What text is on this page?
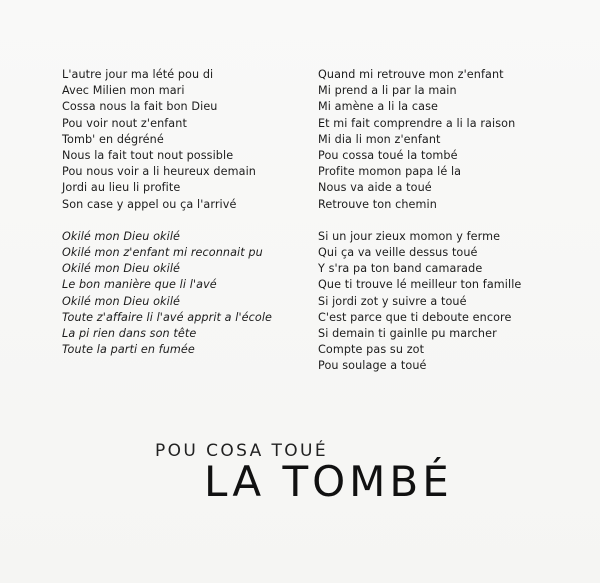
L'autre jour ma lété pou di
Avec Milien mon mari
Cossa nous la fait bon Dieu
Pou voir nout z'enfant
Tomb' en dégréné
Nous la fait tout nout possible
Pou nous voir a li heureux demain
Jordi au lieu li profite
Son case y appel ou ça l'arrivé
Okilé mon Dieu okilé
Okilé mon z'enfant mi reconnait pu
Okilé mon Dieu okilé
Le bon manière que li l'avé
Okilé mon Dieu okilé
Toute z'affaire li l'avé apprit a l'école
La pi rien dans son tête
Toute la parti en fumée
Quand mi retrouve mon z'enfant
Mi prend a li par la main
Mi amène a li la case
Et mi fait comprendre a li la raison
Mi dia li mon z'enfant
Pou cossa toué la tombé
Profite momon papa lé la
Nous va aide a toué
Retrouve ton chemin
Si un jour zieux momon y ferme
Qui ça va veille dessus toué
Y s'ra pa ton band camarade
Que ti trouve lé meilleur ton famille
Si jordi zot y suivre a toué
C'est parce que ti deboute encore
Si demain ti gainlle pu marcher
Compte pas su zot
Pou soulage a toué
POU COSA TOUÉ
LA TOMBÉ
